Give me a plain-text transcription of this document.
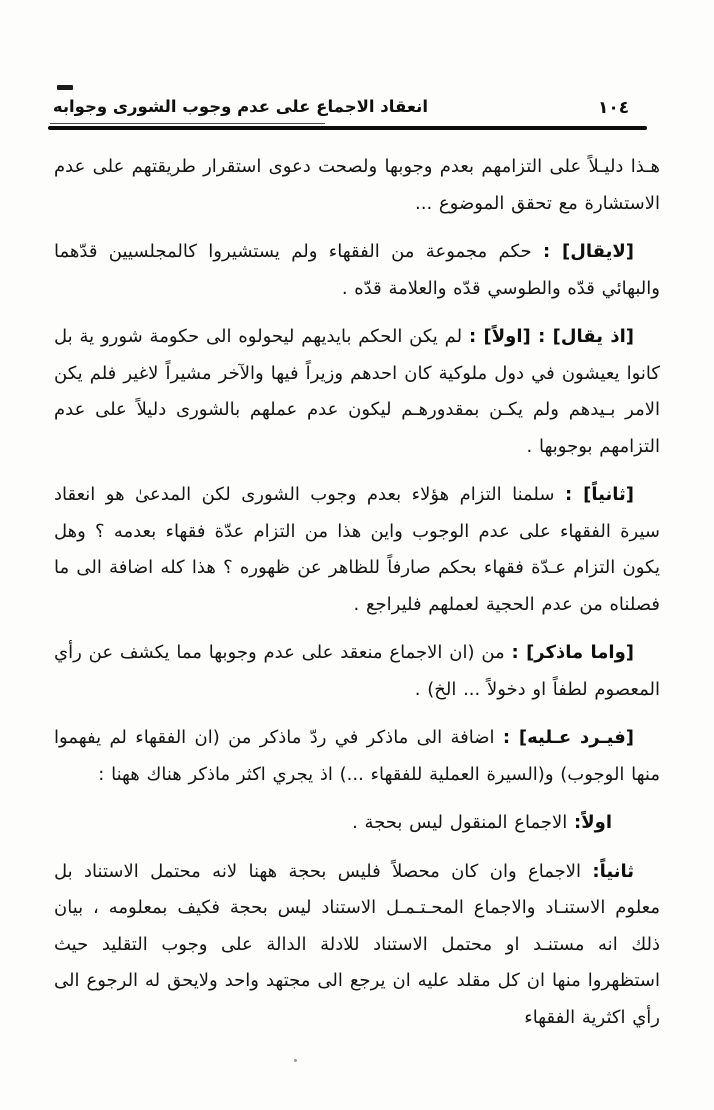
انعقاد الاجماع على عدم وجوب الشورى وجوابه	١٠٤

هـذا دليـلاً على التزامهم بعدم وجوبها ولصحت دعوى استقرار طريقتهم على عدم الاستشارة مع تحقق الموضوع ...

[لايقال] : حكم مجموعة من الفقهاء ولم يستشيروا كالمجلسيين قدّهما والبهائي قدّه والطوسي قدّه والعلامة قدّه .

[اذ يقال] : [اولاً] : لم يكن الحكم بايديهم ليحولوه الى حكومة شورو ية بل كانوا يعيشون في دول ملوكية كان احدهم وزيراً فيها والآخر مشيراً لاغير فلم يكن الامر بـيدهم ولم يكـن بمقدورهـم ليكون عدم عملهم بالشورى دليلاً على عدم التزامهم بوجوبها .

[ثانياً] : سلمنا التزام هؤلاء بعدم وجوب الشورى لكن المدعىٰ هو انعقاد سيرة الفقهاء على عدم الوجوب واين هذا من التزام عدّة فقهاء بعدمه ؟ وهل يكون التزام عـدّة فقهاء بحكم صارفاً للظاهر عن ظهوره ؟ هذا كله اضافة الى ما فصلناه من عدم الحجية لعملهم فليراجع .

[واما ماذكر] : من (ان الاجماع منعقد على عدم وجوبها مما يكشف عن رأي المعصوم لطفاً او دخولاً ... الخ) .

[فيـرد عـليه] : اضافة الى ماذكر في ردّ ماذكر من (ان الفقهاء لم يفهموا منها الوجوب) و(السيرة العملية للفقهاء ...) اذ يجري اكثر ماذكر هناك ههنا :

اولاً: الاجماع المنقول ليس بحجة .

ثانياً: الاجماع وان كان محصلاً فليس بحجة ههنا لانه محتمل الاستناد بل معلوم الاستنـاد والاجماع المحـتـمـل الاستناد ليس بحجة فكيف بمعلومه ، بيان ذلك انه مستنـد او محتمل الاستناد للادلة الدالة على وجوب التقليد حيث استظهروا منها ان كل مقلد عليه ان يرجع الى مجتهد واحد ولايحق له الرجوع الى رأي اكثرية الفقهاء
